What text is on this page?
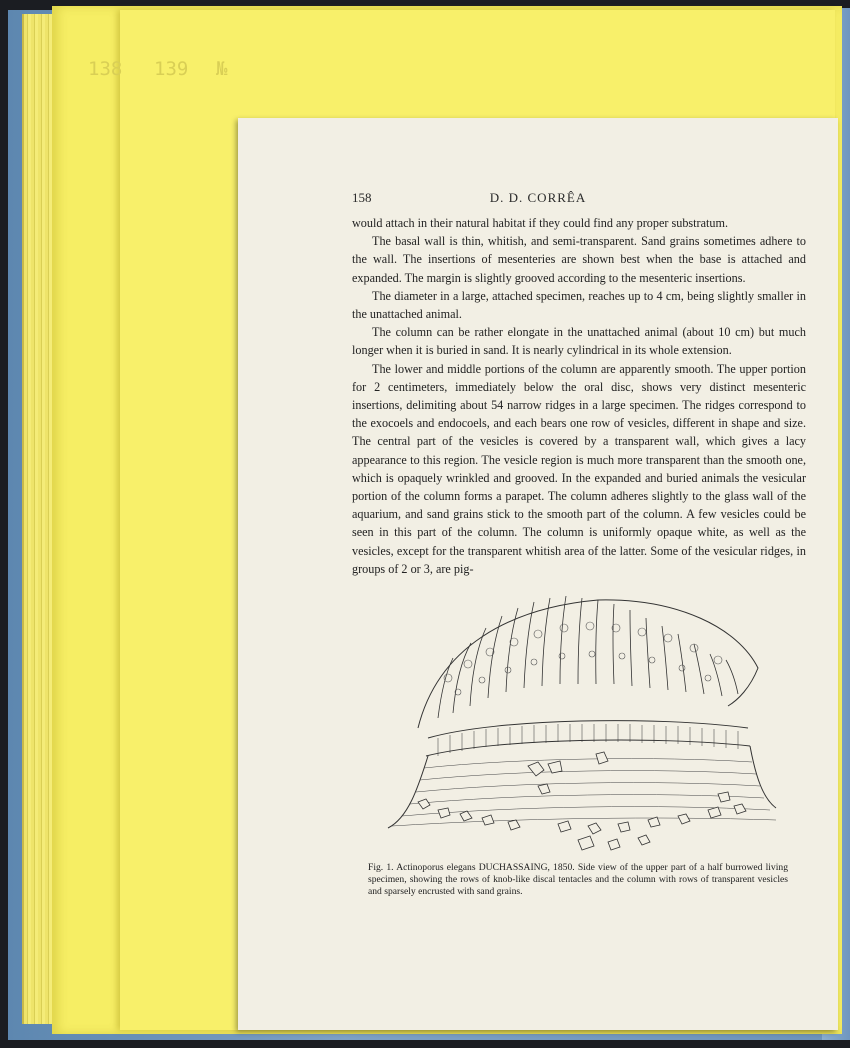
138 139 №
158	D. D. CORRÊA

would attach in their natural habitat if they could find any proper substratum.

The basal wall is thin, whitish, and semi-transparent. Sand grains sometimes adhere to the wall. The insertions of mesenteries are shown best when the base is attached and expanded. The margin is slightly grooved according to the mesenteric insertions.

The diameter in a large, attached specimen, reaches up to 4 cm, being slightly smaller in the unattached animal.

The column can be rather elongate in the unattached animal (about 10 cm) but much longer when it is buried in sand. It is nearly cylindrical in its whole extension.

The lower and middle portions of the column are apparently smooth. The upper portion for 2 centimeters, immediately below the oral disc, shows very distinct mesenteric insertions, delimiting about 54 narrow ridges in a large specimen. The ridges correspond to the exocoels and endocoels, and each bears one row of vesicles, different in shape and size. The central part of the vesicles is covered by a transparent wall, which gives a lacy appearance to this region. The vesicle region is much more transparent than the smooth one, which is opaquely wrinkled and grooved. In the expanded and buried animals the vesicular portion of the column forms a parapet. The column adheres slightly to the glass wall of the aquarium, and sand grains stick to the smooth part of the column. A few vesicles could be seen in this part of the column. The column is uniformly opaque white, as well as the vesicles, except for the transparent whitish area of the latter. Some of the vesicular ridges, in groups of 2 or 3, are pig-

Fig. 1. Actinoporus elegans DUCHASSAING, 1850. Side view of the upper part of a half burrowed living specimen, showing the rows of knob-like discal tentacles and the column with rows of transparent vesicles and sparsely encrusted with sand grains.
